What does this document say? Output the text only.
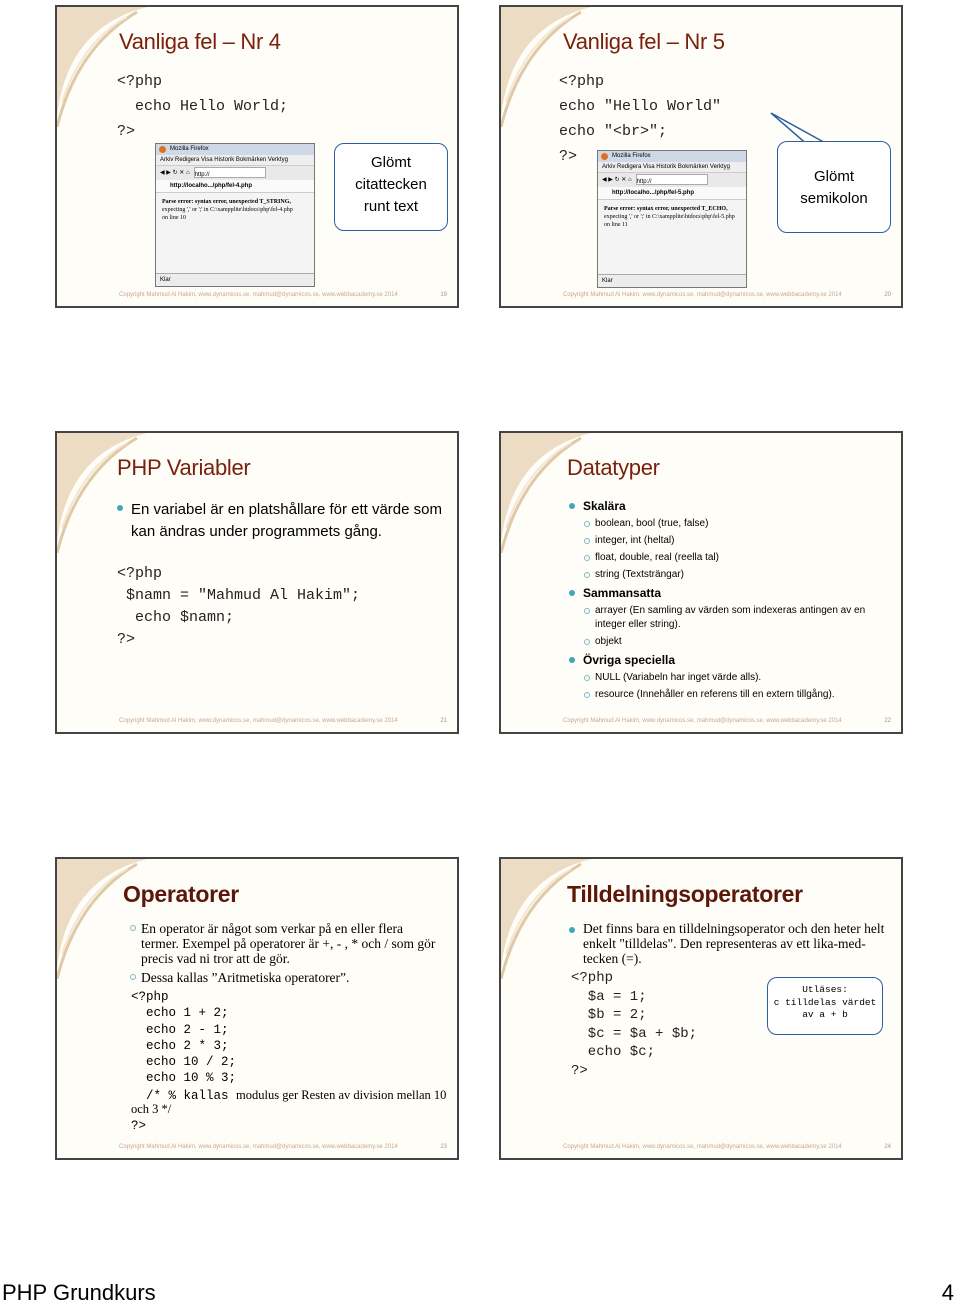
Vanliga fel – Nr 4
<?php
echo Hello World;
?>
Mozilla Firefox
Arkiv Redigera Visa Historik Bokmärken Verktyg
◀ ▶ ↻ ✕ ⌂ http://
http://localho.../php/fel-4.php
Parse error: syntax error, unexpected T_STRING,
expecting ',' or ';' in C:\xampplite\htdocs\php\fel-4.php
on line 10
Klar
Glömt
citattecken
runt text
Copyright Mahmud Al Hakim, www.dynamicos.se, mahmud@dynamicos.se, www.webbacademy.se 2014	19
Vanliga fel – Nr 5
<?php
echo "Hello World"
echo "<br>";
?>	Mozilla Firefox
Arkiv Redigera Visa Historik Bokmärken Verktyg
◀ ▶ ↻ ✕ ⌂ http://
http://localho.../php/fel-5.php
Parse error: syntax error, unexpected T_ECHO,
expecting ',' or ';' in C:\xampplite\htdocs\php\fel-5.php
on line 11
Klar
Glömt
semikolon
Copyright Mahmud Al Hakim, www.dynamicos.se, mahmud@dynamicos.se, www.webbacademy.se 2014	20
PHP Variabler
En variabel är en platshållare för ett värde som kan ändras under programmets gång.
<?php
$namn = "Mahmud Al Hakim";
echo $namn;
?>
Copyright Mahmud Al Hakim, www.dynamicos.se, mahmud@dynamicos.se, www.webbacademy.se 2014	21
Datatyper
Skalära
boolean, bool (true, false)
integer, int (heltal)
float, double, real (reella tal)
string (Textsträngar)
Sammansatta
arrayer (En samling av värden som indexeras antingen av en integer eller string).
objekt
Övriga speciella
NULL (Variabeln har inget värde alls).
resource (Innehåller en referens till en extern tillgång).
Copyright Mahmud Al Hakim, www.dynamicos.se, mahmud@dynamicos.se, www.webbacademy.se 2014	22
Operatorer
En operator är något som verkar på en eller flera termer. Exempel på operatorer är +, - , * och / som gör precis vad ni tror att de gör.
Dessa kallas ”Aritmetiska operatorer”.
<?php
echo 1 + 2;
echo 2 - 1;
echo 2 * 3;
echo 10 / 2;
echo 10 % 3;
/* % kallas modulus ger Resten av division mellan 10 och 3 */
?>
Copyright Mahmud Al Hakim, www.dynamicos.se, mahmud@dynamicos.se, www.webbacademy.se 2014	23
Tilldelningsoperatorer
Det finns bara en tilldelningsoperator och den heter helt enkelt "tilldelas". Den representeras av ett lika-med-tecken (=).
<?php
$a = 1;
$b = 2;
$c = $a + $b;
echo $c;
?>
Utläses:
c tilldelas värdet
av a + b
Copyright Mahmud Al Hakim, www.dynamicos.se, mahmud@dynamicos.se, www.webbacademy.se 2014	24
PHP Grundkurs	4
